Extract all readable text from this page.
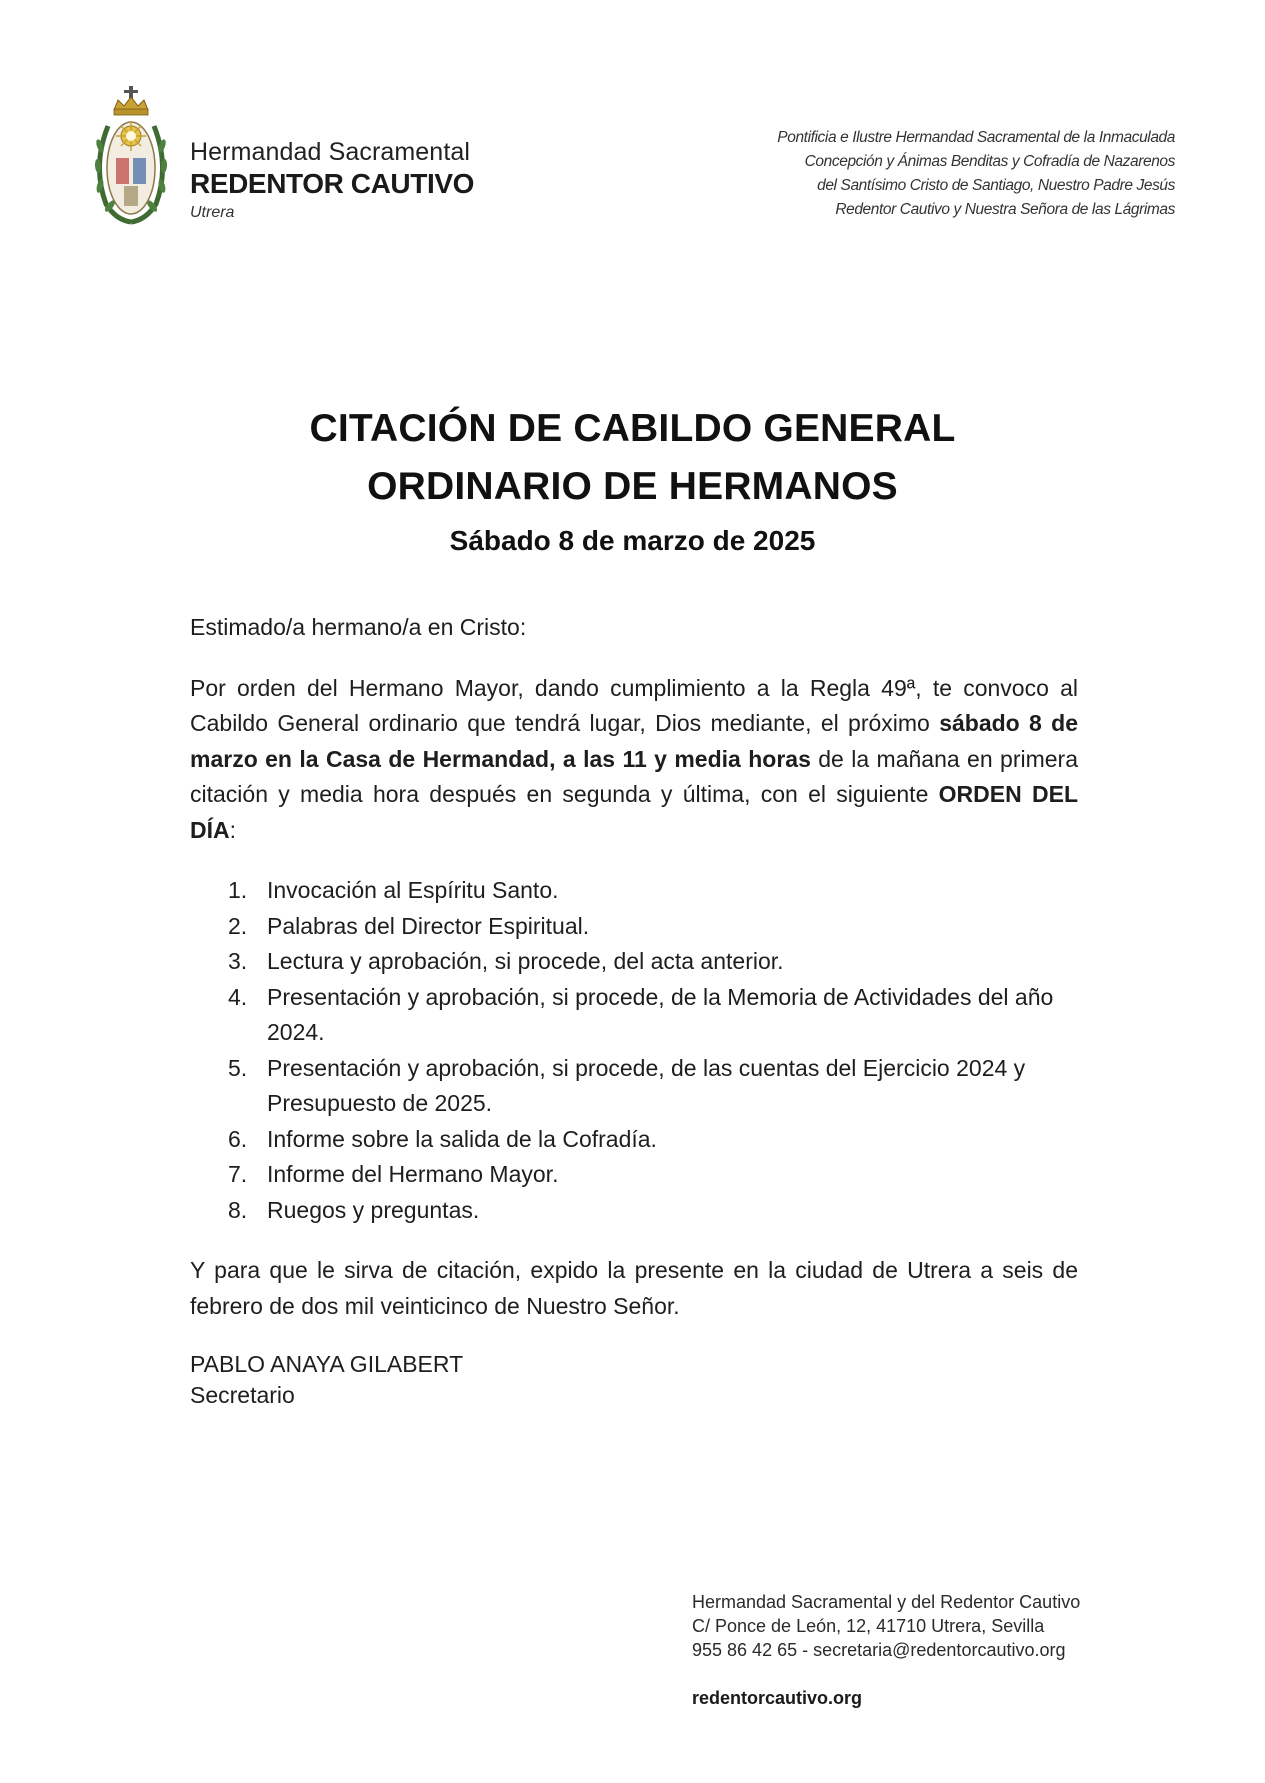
Hermandad Sacramental
REDENTOR CAUTIVO
Utrera
Pontificia e Ilustre Hermandad Sacramental de la Inmaculada
Concepción y Ánimas Benditas y Cofradía de Nazarenos
del Santísimo Cristo de Santiago, Nuestro Padre Jesús
Redentor Cautivo y Nuestra Señora de las Lágrimas
CITACIÓN DE CABILDO GENERAL
ORDINARIO DE HERMANOS
Sábado 8 de marzo de 2025

Estimado/a hermano/a en Cristo:

Por orden del Hermano Mayor, dando cumplimiento a la Regla 49ª, te convoco al Cabildo General ordinario que tendrá lugar, Dios mediante, el próximo sábado 8 de marzo en la Casa de Hermandad, a las 11 y media horas de la mañana en primera citación y media hora después en segunda y última, con el siguiente ORDEN DEL DÍA:

1. Invocación al Espíritu Santo.
2. Palabras del Director Espiritual.
3. Lectura y aprobación, si procede, del acta anterior.
4. Presentación y aprobación, si procede, de la Memoria de Actividades del año 2024.
5. Presentación y aprobación, si procede, de las cuentas del Ejercicio 2024 y Presupuesto de 2025.
6. Informe sobre la salida de la Cofradía.
7. Informe del Hermano Mayor.
8. Ruegos y preguntas.

Y para que le sirva de citación, expido la presente en la ciudad de Utrera a seis de febrero de dos mil veinticinco de Nuestro Señor.

PABLO ANAYA GILABERT

Secretario

Hermandad Sacramental y del Redentor Cautivo
C/ Ponce de León, 12, 41710 Utrera, Sevilla
955 86 42 65 - secretaria@redentorcautivo.org
redentorcautivo.org
